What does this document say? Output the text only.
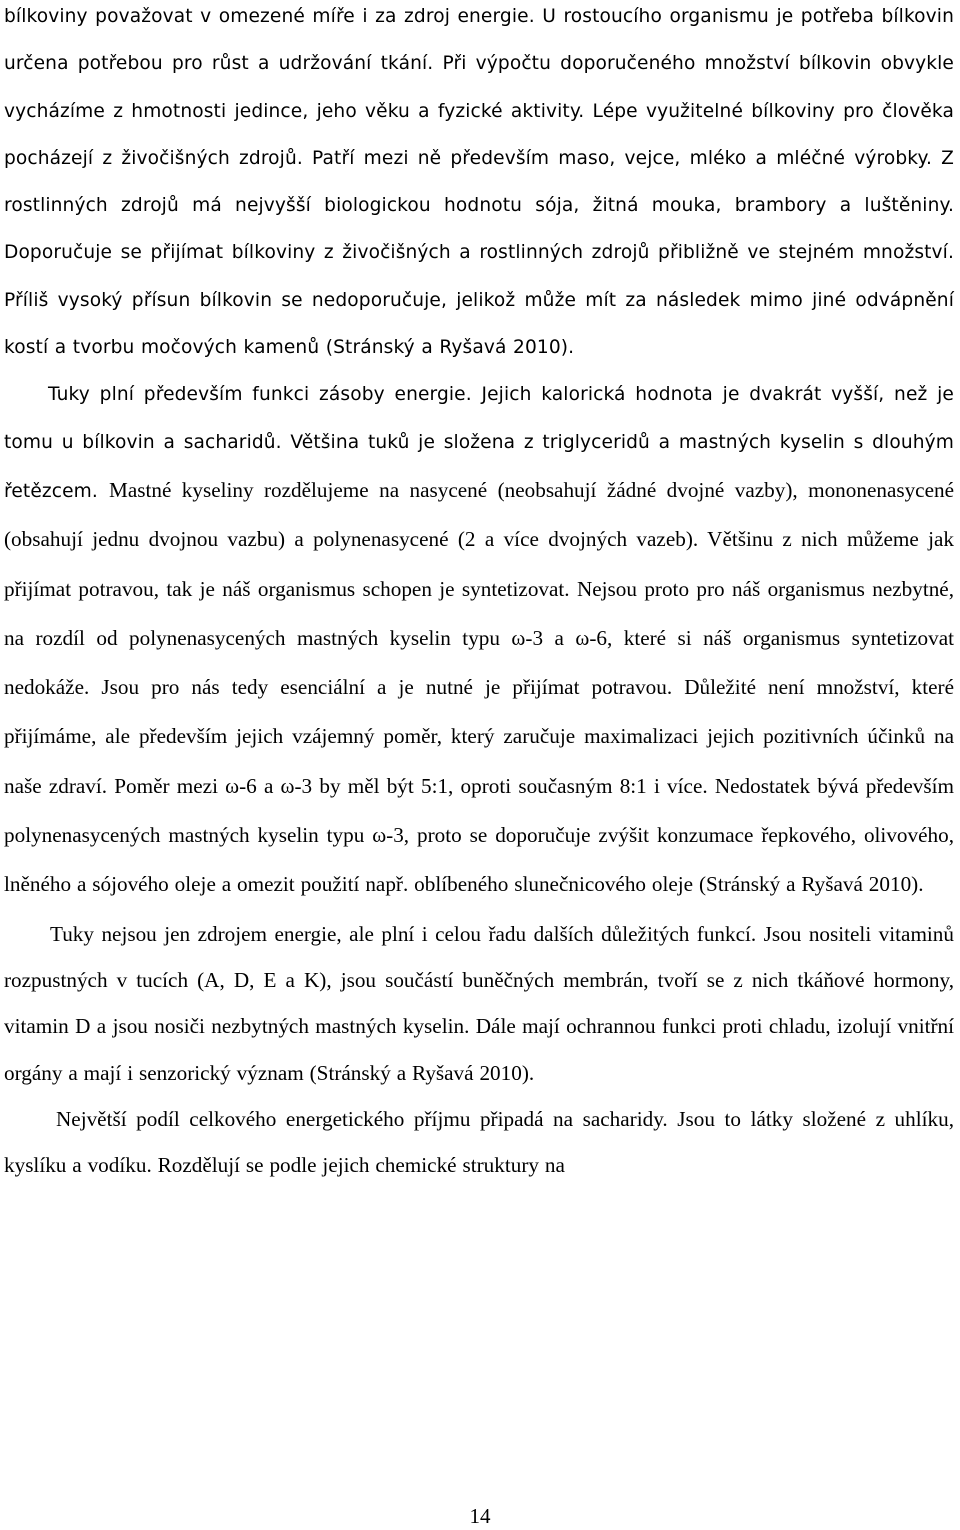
bílkoviny považovat v omezené míře i za zdroj energie. U rostoucího organismu je potřeba bílkovin určena potřebou pro růst a udržování tkání. Při výpočtu doporučeného množství bílkovin obvykle vycházíme z hmotnosti jedince, jeho věku a fyzické aktivity. Lépe využitelné bílkoviny pro člověka pocházejí z živočišných zdrojů. Patří mezi ně především maso, vejce, mléko a mléčné výrobky. Z rostlinných zdrojů má nejvyšší biologickou hodnotu sója, žitná mouka, brambory a luštěniny. Doporučuje se přijímat bílkoviny z živočišných a rostlinných zdrojů přibližně ve stejném množství. Příliš vysoký přísun bílkovin se nedoporučuje, jelikož může mít za následek mimo jiné odvápnění kostí a tvorbu močových kamenů (Stránský a Ryšavá 2010).

Tuky plní především funkci zásoby energie. Jejich kalorická hodnota je dvakrát vyšší, než je tomu u bílkovin a sacharidů. Většina tuků je složena z triglyceridů a mastných kyselin s dlouhým řetězcem. Mastné kyseliny rozdělujeme na nasycené (neobsahují žádné dvojné vazby), mononenasycené (obsahují jednu dvojnou vazbu) a polynenasycené (2 a více dvojných vazeb). Většinu z nich můžeme jak přijímat potravou, tak je náš organismus schopen je syntetizovat. Nejsou proto pro náš organismus nezbytné, na rozdíl od polynenasycených mastných kyselin typu ω-3 a ω-6, které si náš organismus syntetizovat nedokáže. Jsou pro nás tedy esenciální a je nutné je přijímat potravou. Důležité není množství, které přijímáme, ale především jejich vzájemný poměr, který zaručuje maximalizaci jejich pozitivních účinků na naše zdraví. Poměr mezi ω-6 a ω-3 by měl být 5:1, oproti současným 8:1 i více. Nedostatek bývá především polynenasycených mastných kyselin typu ω-3, proto se doporučuje zvýšit konzumace řepkového, olivového, lněného a sójového oleje a omezit použití např. oblíbeného slunečnicového oleje (Stránský a Ryšavá 2010).

Tuky nejsou jen zdrojem energie, ale plní i celou řadu dalších důležitých funkcí. Jsou nositeli vitaminů rozpustných v tucích (A, D, E a K), jsou součástí buněčných membrán, tvoří se z nich tkáňové hormony, vitamin D a jsou nosiči nezbytných mastných kyselin. Dále mají ochrannou funkci proti chladu, izolují vnitřní orgány a mají i senzorický význam (Stránský a Ryšavá 2010).

Největší podíl celkového energetického příjmu připadá na sacharidy. Jsou to látky složené z uhlíku, kyslíku a vodíku. Rozdělují se podle jejich chemické struktury na

14
